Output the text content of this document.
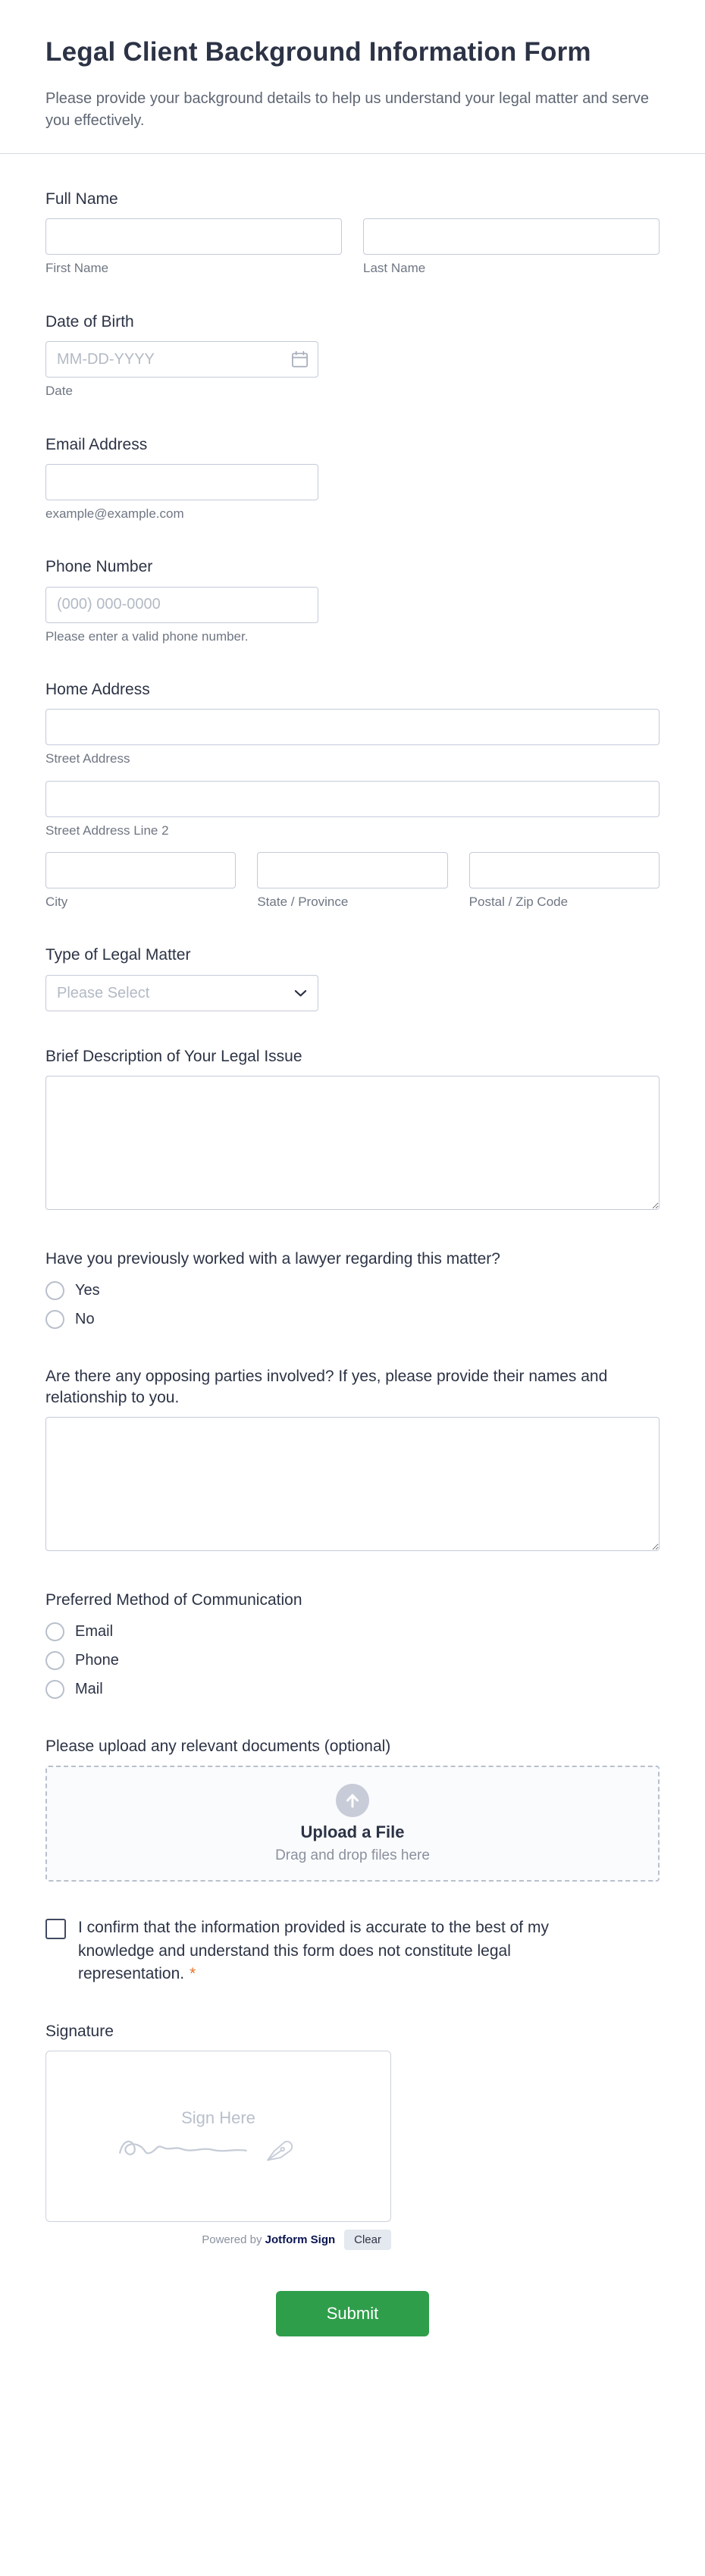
Legal Client Background Information Form

Please provide your background details to help us understand your legal matter and serve you effectively.

Full Name
First Name	Last Name
Date of Birth
MM-DD-YYYY
Date
Email Address
example@example.com
Phone Number
(000) 000-0000
Please enter a valid phone number.
Home Address
Street Address
Street Address Line 2
City	State / Province	Postal / Zip Code
Type of Legal Matter
Please Select
Brief Description of Your Legal Issue
Have you previously worked with a lawyer regarding this matter?
Yes
No
Are there any opposing parties involved? If yes, please provide their names and relationship to you.
Preferred Method of Communication
Email
Phone
Mail
Please upload any relevant documents (optional)
Upload a File
Drag and drop files here
I confirm that the information provided is accurate to the best of my knowledge and understand this form does not constitute legal representation. *
Signature
Sign Here
Powered by Jotform Sign	Clear
Submit
